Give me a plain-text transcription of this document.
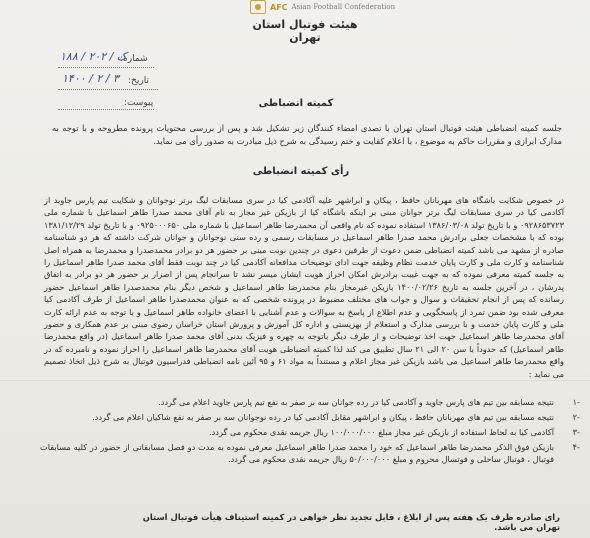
AFC Asian Football Confederation
هیئت فوتبال استان تهران
شماره:
۱۸۸ / ک / ۲۰۲
تاریخ:
۱۴۰۰ / ۲ / ۳
پیوست:	کمیته انضباطی
جلسه کمیته انضباطی هیئت فوتبال استان تهران با تصدی امضاء کنندگان زیر تشکیل شد و پس از بررسی محتویات پرونده مطروحه و با توجه به مدارک ابرازی و مقررات حاکم به موضوع ، با اعلام کفایت و ختم رسیدگی به شرح ذیل مبادرت به صدور رأی می نماید.
رأی کمیته انضباطی
در خصوص شکایت باشگاه های مهربانان حافظ ، پیکان و ابراشهر علیه آکادمی کیا در سری مسابقات لیگ برتر نوجوانان و شکایت تیم پارس جاوید از آکادمی کیا در سری مسابقات لیگ برتر جوانان مبنی بر اینکه باشگاه کیا از بازیکن غیر مجاز به نام آقای محمد صدرا طاهر اسماعیل با شماره ملی ۰۹۲۸۶۵۳۷۲۳ و با تاریخ تولد ۱۳۸۶/۰۳/۰۸ استفاده نموده که نام واقعی آن محمدرضا طاهر اسماعیل با شماره ملی ۰۹۲۵۰۰۰۶۵۰ و با تاریخ تولد ۱۳۸۱/۱۲/۲۹ بوده که با مشخصات جعلی برادرش محمد صدرا طاهر اسماعیل در مسابقات رسمی و رده سنی نوجوانان و جوانان شرکت داشته که هر دو شناسنامه صادره از مشهد می باشد کمیته انضباطی ضمن دعوت از طرفین دعوی در چندین نوبت مبنی بر حضور هر دو برادر محمدصدرا و محمدرضا به همراه اصل شناسنامه و کارت ملی و کارت پایان خدمت نظام وظیفه جهت ادای توضیحات مدافعانه آکادمی کیا در چند نوبت فقط آقای محمد صدرا طاهر اسماعیل را به جلسه کمیته معرفی نموده که به جهت غیبت برادرش امکان احراز هویت ایشان میسر نشد تا سرانجام پس از اصرار بر حضور هر دو برادر به اتفاق پدرشان ، در آخرین جلسه به تاریخ ۱۴۰۰/۰۲/۲۶ بازیکن غیرمجاز بنام محمدرضا طاهر اسماعیل و شخص دیگر بنام محمدصدرا طاهر اسماعیل حضور رسانده که پس از انجام تحقیقات و سوال و جواب های مختلف مضبوط در پرونده شخصی که به عنوان محمدصدرا طاهر اسماعیل از طرف آکادمی کیا معرفی شده بود ضمن تمرد از پاسخگویی و عدم اطلاع از پاسخ به سوالات و عدم آشنایی با اعضای خانواده طاهر اسماعیل و با توجه به عدم ارائه کارت ملی و کارت پایان خدمت و با بررسی مدارک و استعلام از بهزیستی و اداره کل آموزش و پرورش استان خراسان رضوی مبنی بر عدم همکاری و حضور آقای محمدرضا طاهر اسماعیل جهت اخذ توضیحات و از طرف دیگر باتوجه به چهره و فیزیک بدنی آقای محمد صدرا طاهر اسماعیل (در واقع محمدرضا طاهر اسماعیل) که حدوداً با سن ۲۰ الی ۲۱ سال تطبیق می کند لذا کمیته انضباطی هویت آقای محمدرضا طاهر اسماعیل را احراز نموده و نامبرده که در واقع محمدرضا طاهر اسماعیل می باشد بازیکن غیر مجاز اعلام و مستنداً به مواد ۶۱ و ۹۵ آئین نامه انضباطی فدراسیون فوتبال به شرح ذیل اتخاذ تصمیم می نماید :
-۱
نتیجه مسابقه بین تیم های پارس جاوید و آکادمی کیا در رده جوانان سه بر صفر به نفع تیم پارس جاوید اعلام می گردد.
-۲
نتیجه مسابقه بین تیم های مهربانان حافظ ، پیکان و ابراشهر مقابل آکادمی کیا در رده نوجوانان سه بر صفر به نفع شاکیان اعلام می گردد.
-۳
آکادمی کیا به لحاظ استفاده از بازیکن غیر مجاز مبلغ ۱۰۰/۰۰۰/۰۰۰ ریال جریمه نقدی محکوم می گردد.
-۴
بازیکن فوق الذکر محمدرضا طاهر اسماعیل که خود را محمد صدرا طاهر اسماعیل معرفی نموده به مدت دو فصل مسابقاتی از حضور در کلیه مسابقات فوتبال ، فوتبال ساحلی و فوتسال محروم و مبلغ ۵۰/۰۰۰/۰۰۰ ریال جریمه نقدی محکوم می گردد.
رای صادره ظرف یک هفته پس از ابلاغ ، قابل تجدید نظر خواهی در کمیته استیناف هیأت فوتبال استان تهران می باشد.
